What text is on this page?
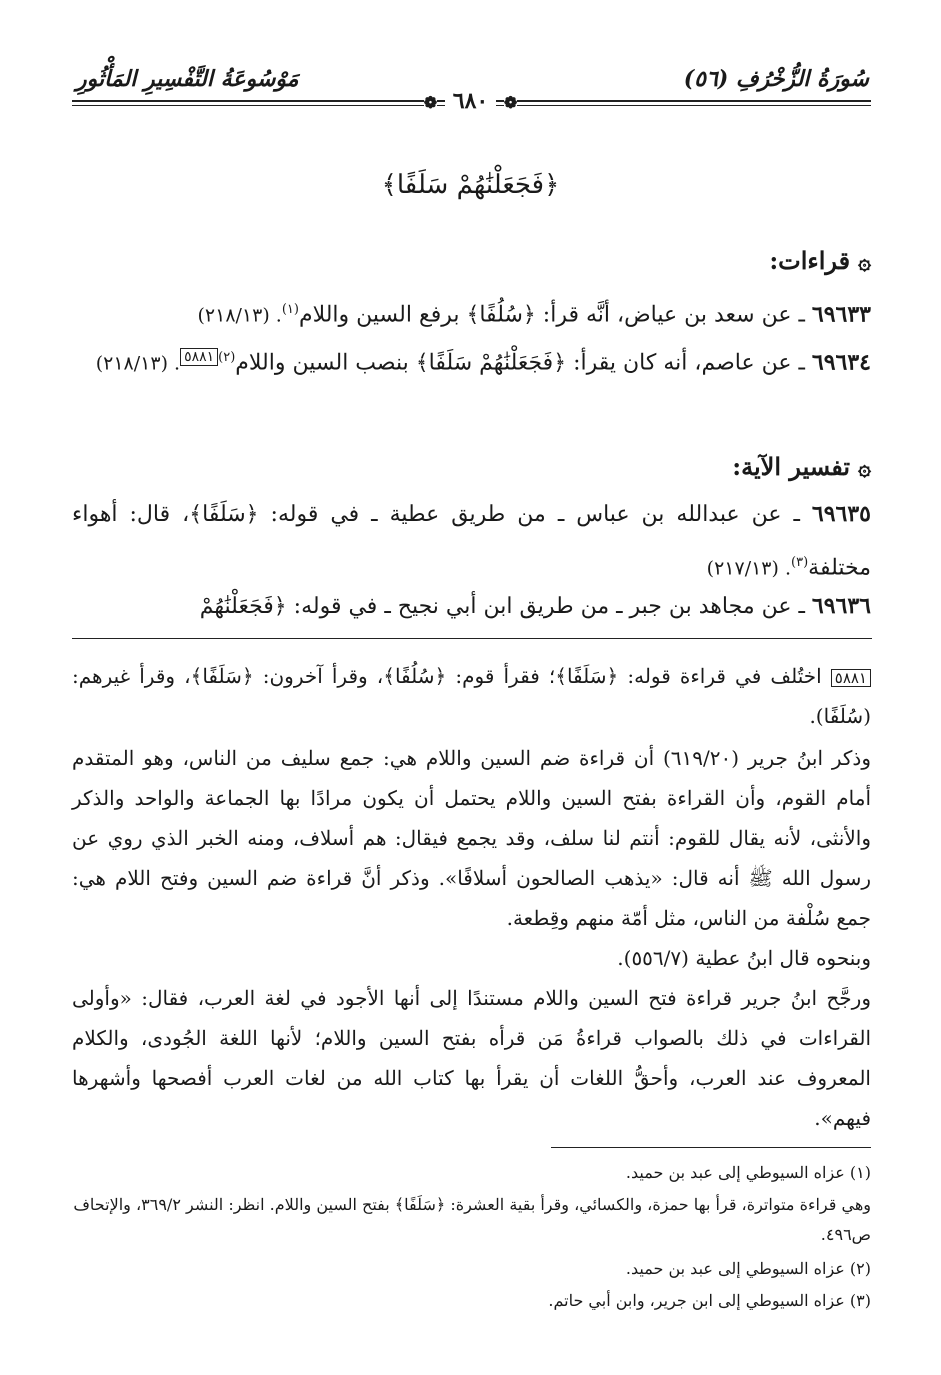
سُورَةُ الزُّخْرُفِ (٥٦)
مَوْسُوعَةُ التَّفْسِيرِ المَأْثُورِ
❁ ٦٨٠ ❁
﴿فَجَعَلْنَٰهُمْ سَلَفًا﴾
۞قراءات:
٦٩٦٣٣ ـ عن سعد بن عياض، أنَّه قرأ: ﴿سُلُفًا﴾ برفع السين واللام$^{(١)}$. (٢١٨/١٣)
٦٩٦٣٤ ـ عن عاصم، أنه كان يقرأ: ﴿فَجَعَلْنَٰهُمْ سَلَفًا﴾ بنصب السين واللام$^{(٢)}$٥٨٨١. (٢١٨/١٣)
۞تفسير الآية:
٦٩٦٣٥ ـ عن عبدالله بن عباس ـ من طريق عطية ـ في قوله: ﴿سَلَفًا﴾، قال: أهواء مختلفة$^{(٣)}$. (٢١٧/١٣)
٦٩٦٣٦ ـ عن مجاهد بن جبر ـ من طريق ابن أبي نجيح ـ في قوله: ﴿فَجَعَلْنَٰهُمْ
٥٨٨١ اختُلف في قراءة قوله: ﴿سَلَفًا﴾؛ فقرأ قوم: ﴿سُلُفًا﴾، وقرأ آخرون: ﴿سَلَفًا﴾، وقرأ غيرهم: (سُلَفًا).
وذكر ابنُ جرير (٦١٩/٢٠) أن قراءة ضم السين واللام هي: جمع سليف من الناس، وهو المتقدم أمام القوم، وأن القراءة بفتح السين واللام يحتمل أن يكون مرادًا بها الجماعة والواحد والذكر والأنثى، لأنه يقال للقوم: أنتم لنا سلف، وقد يجمع فيقال: هم أسلاف، ومنه الخبر الذي روي عن رسول الله ﷺ أنه قال: «يذهب الصالحون أسلافًا». وذكر أنَّ قراءة ضم السين وفتح اللام هي: جمع سُلْفة من الناس، مثل أمّة منهم وقِطعة.
وبنحوه قال ابنُ عطية (٥٥٦/٧).
ورجَّح ابنُ جرير قراءة فتح السين واللام مستندًا إلى أنها الأجود في لغة العرب، فقال: «وأولى القراءات في ذلك بالصواب قراءةُ مَن قرأه بفتح السين واللام؛ لأنها اللغة الجُودى، والكلام المعروف عند العرب، وأحقُّ اللغات أن يقرأ بها كتاب الله من لغات العرب أفصحها وأشهرها فيهم».
(١) عزاه السيوطي إلى عبد بن حميد.
وهي قراءة متواترة، قرأ بها حمزة، والكسائي، وقرأ بقية العشرة: ﴿سَلَفًا﴾ بفتح السين واللام. انظر: النشر ٣٦٩/٢، والإتحاف ص٤٩٦.
(٢) عزاه السيوطي إلى عبد بن حميد.
(٣) عزاه السيوطي إلى ابن جرير، وابن أبي حاتم.
